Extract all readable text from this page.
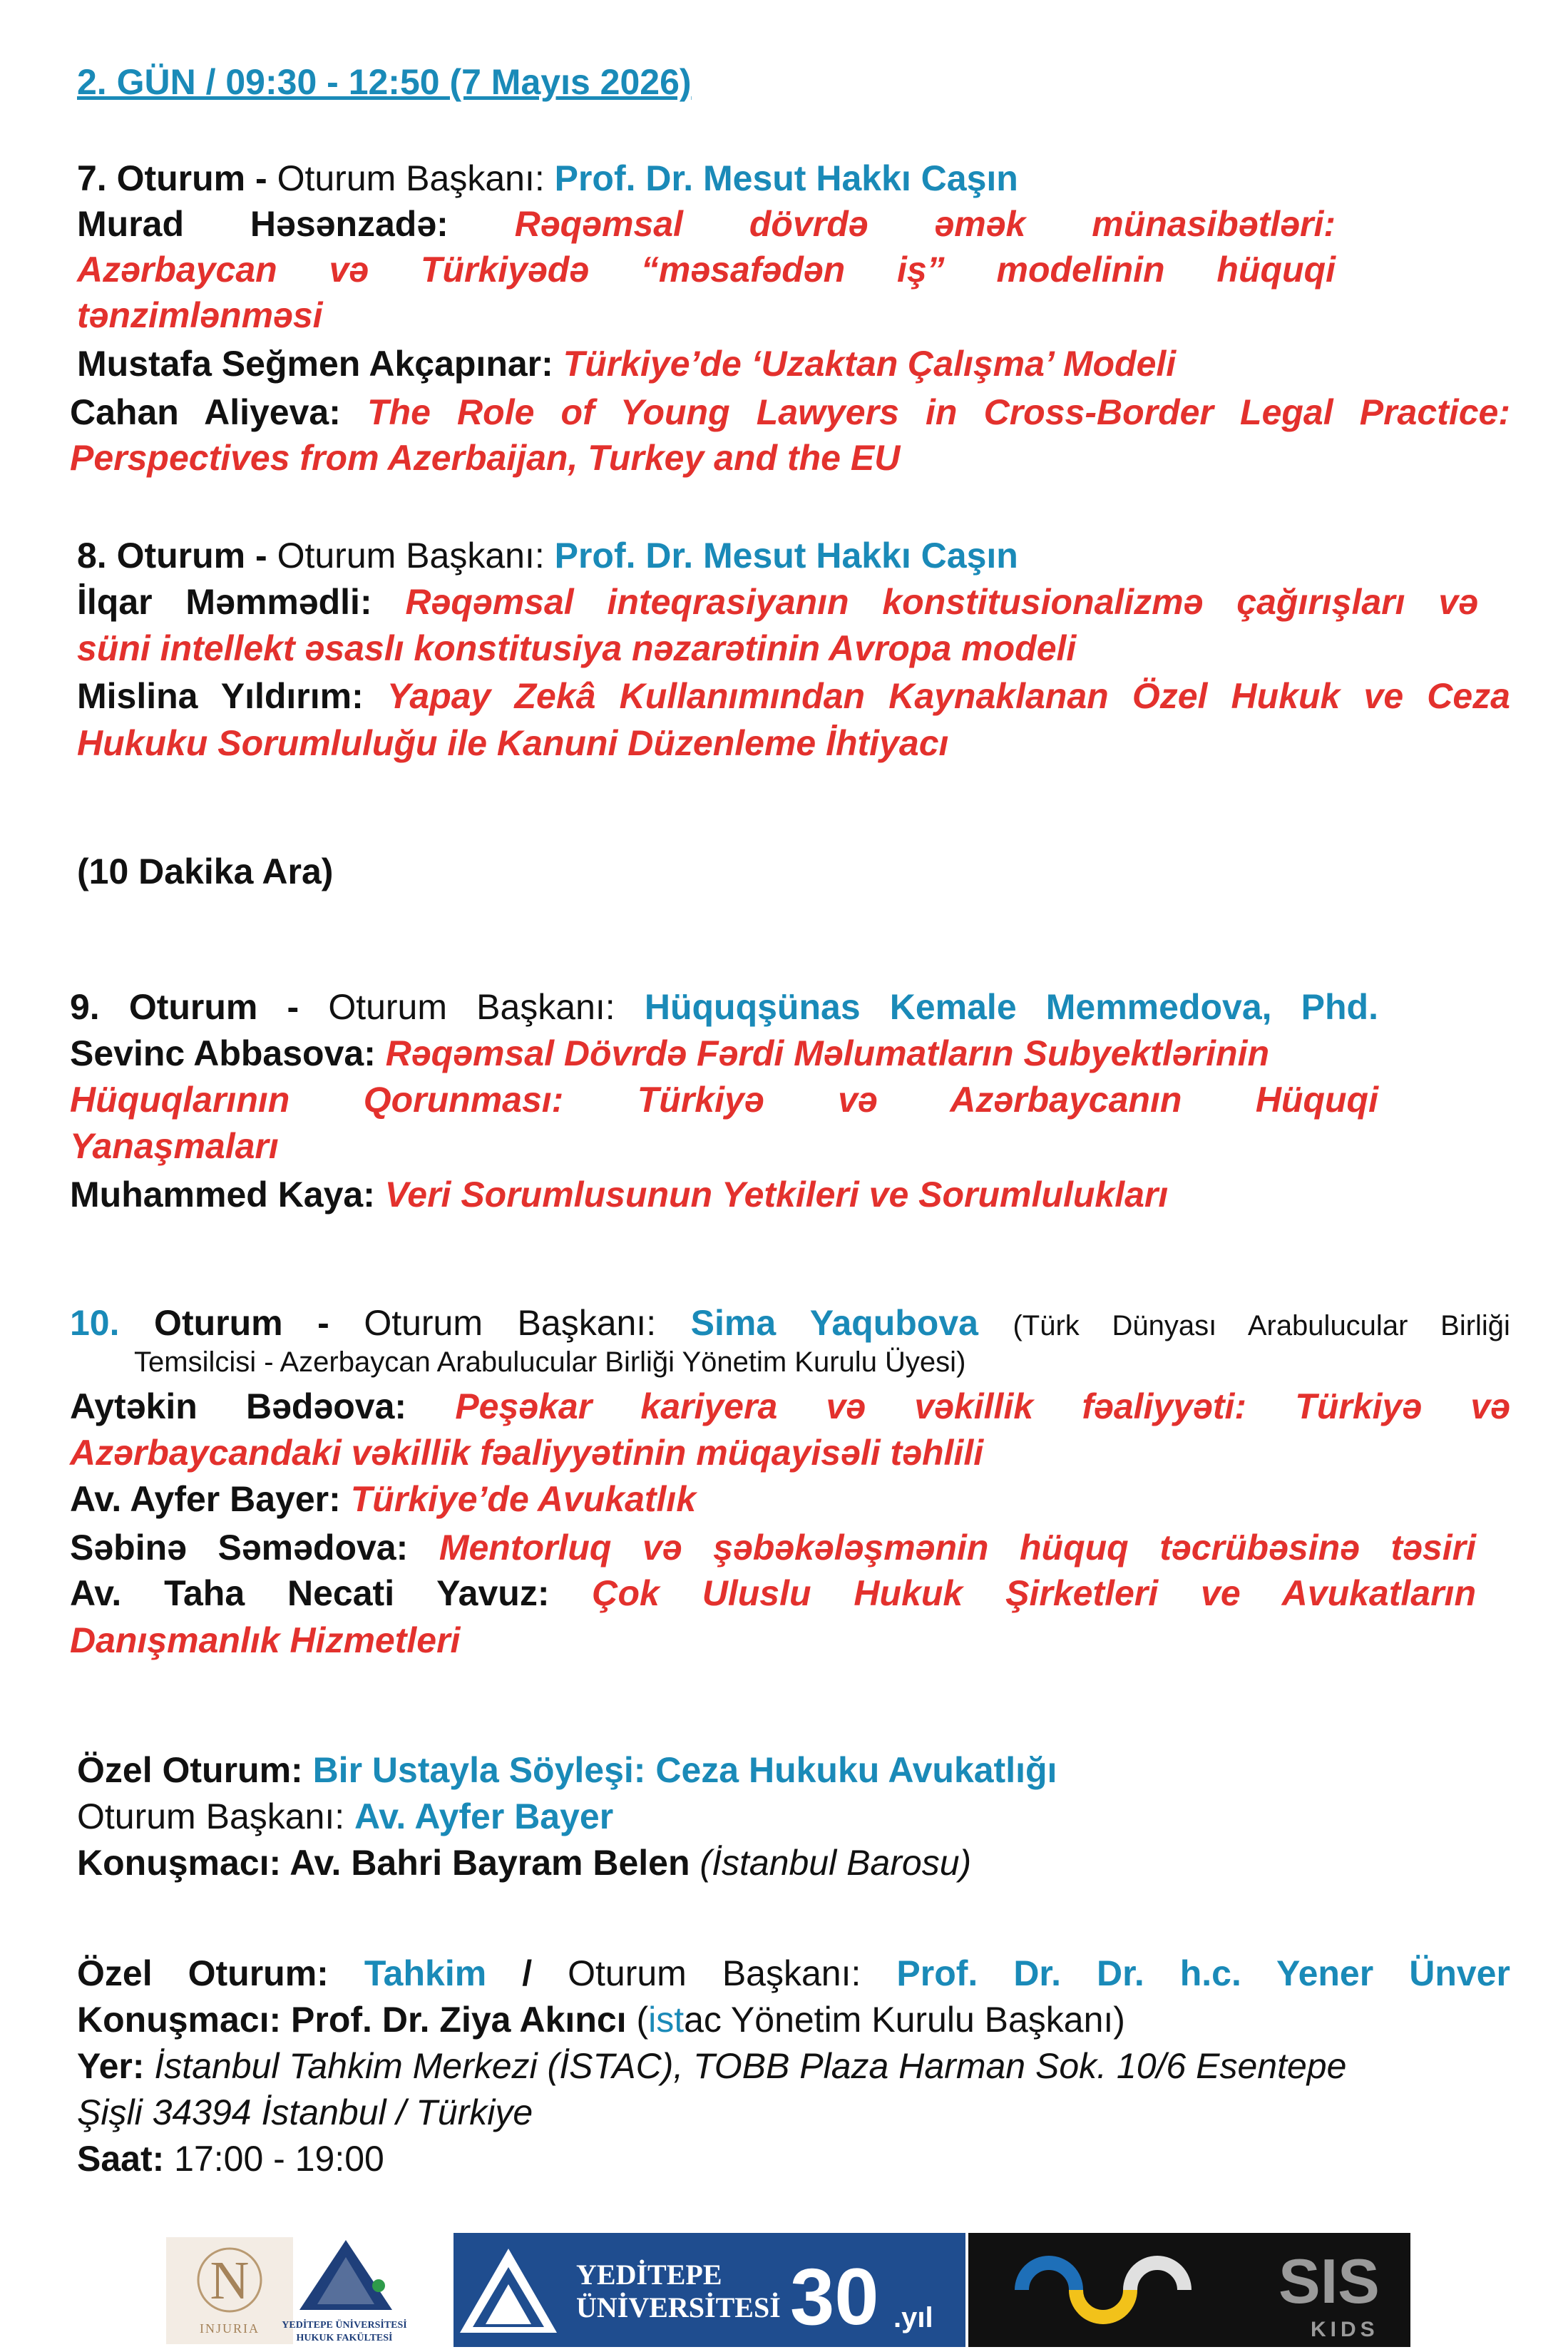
2. GÜN / 09:30 - 12:50 (7 Mayıs 2026)
7. Oturum - Oturum Başkanı: Prof. Dr. Mesut Hakkı Caşın
Murad Həsənzadə: Rəqəmsal dövrdə əmək münasibətləri:
Azərbaycan və Türkiyədə “məsafədən iş” modelinin hüquqi
tənzimlənməsi
Mustafa Seğmen Akçapınar: Türkiye’de ‘Uzaktan Çalışma’ Modeli
Cahan Aliyeva: The Role of Young Lawyers in Cross-Border Legal Practice:
Perspectives from Azerbaijan, Turkey and the EU
8. Oturum - Oturum Başkanı: Prof. Dr. Mesut Hakkı Caşın
İlqar Məmmədli: Rəqəmsal inteqrasiyanın konstitusionalizmə çağırışları və
süni intellekt əsaslı konstitusiya nəzarətinin Avropa modeli
Mislina Yıldırım: Yapay Zekâ Kullanımından Kaynaklanan Özel Hukuk ve Ceza
Hukuku Sorumluluğu ile Kanuni Düzenleme İhtiyacı
(10 Dakika Ara)
9. Oturum - Oturum Başkanı: Hüquqşünas Kemale Memmedova, Phd.
Sevinc Abbasova: Rəqəmsal Dövrdə Fərdi Məlumatların Subyektlərinin
Hüquqlarının Qorunması: Türkiyə və Azərbaycanın Hüquqi
Yanaşmaları
Muhammed Kaya: Veri Sorumlusunun Yetkileri ve Sorumlulukları
10. Oturum - Oturum Başkanı: Sima Yaqubova (Türk Dünyası Arabulucular Birliği
Temsilcisi - Azerbaycan Arabulucular Birliği Yönetim Kurulu Üyesi)
Aytəkin Bədəova: Peşəkar kariyera və vəkillik fəaliyyəti: Türkiyə və
Azərbaycandaki vəkillik fəaliyyətinin müqayisəli təhlili
Av. Ayfer Bayer: Türkiye’de Avukatlık
Səbinə Səmədova: Mentorluq və şəbəkələşmənin hüquq təcrübəsinə təsiri
Av. Taha Necati Yavuz: Çok Uluslu Hukuk Şirketleri ve Avukatların
Danışmanlık Hizmetleri
Özel Oturum: Bir Ustayla Söyleşi: Ceza Hukuku Avukatlığı
Oturum Başkanı: Av. Ayfer Bayer
Konuşmacı: Av. Bahri Bayram Belen (İstanbul Barosu)
Özel Oturum: Tahkim / Oturum Başkanı: Prof. Dr. Dr. h.c. Yener Ünver
Konuşmacı: Prof. Dr. Ziya Akıncı (istac Yönetim Kurulu Başkanı)
Yer: İstanbul Tahkim Merkezi (İSTAC), TOBB Plaza Harman Sok. 10/6 Esentepe
Şişli 34394 İstanbul / Türkiye
Saat: 17:00 - 19:00
N
INJURIA YEDİTEPE ÜNİVERSİTESİ
HUKUK FAKÜLTESİ
YEDİTEPE
ÜNİVERSİTESİ 30 .yıl
SIS
KIDS
